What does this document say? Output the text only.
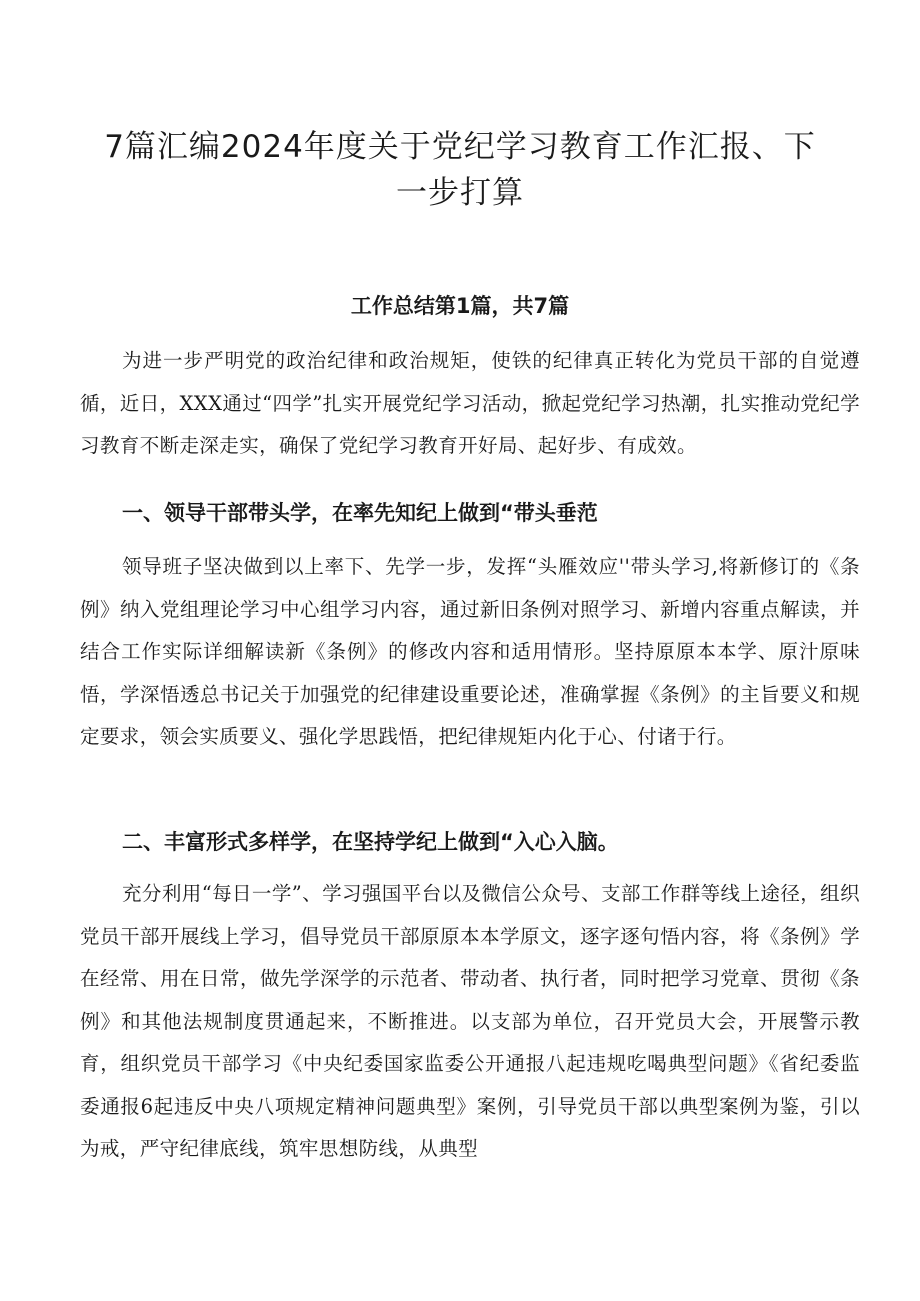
7篇汇编2024年度关于党纪学习教育工作汇报、下一步打算
工作总结第1篇，共7篇

为进一步严明党的政治纪律和政治规矩，使铁的纪律真正转化为党员干部的自觉遵循，近日，XXX通过“四学”扎实开展党纪学习活动，掀起党纪学习热潮，扎实推动党纪学习教育不断走深走实，确保了党纪学习教育开好局、起好步、有成效。

一、领导干部带头学，在率先知纪上做到“带头垂范

领导班子坚决做到以上率下、先学一步，发挥“头雁效应''带头学习,将新修订的《条例》纳入党组理论学习中心组学习内容，通过新旧条例对照学习、新增内容重点解读，并结合工作实际详细解读新《条例》的修改内容和适用情形。坚持原原本本学、原汁原味悟，学深悟透总书记关于加强党的纪律建设重要论述，准确掌握《条例》的主旨要义和规定要求，领会实质要义、强化学思践悟，把纪律规矩内化于心、付诸于行。

二、丰富形式多样学，在坚持学纪上做到“入心入脑。

充分利用“每日一学”、学习强国平台以及微信公众号、支部工作群等线上途径，组织党员干部开展线上学习，倡导党员干部原原本本学原文，逐字逐句悟内容，将《条例》学在经常、用在日常，做先学深学的示范者、带动者、执行者，同时把学习党章、贯彻《条例》和其他法规制度贯通起来，不断推进。以支部为单位，召开党员大会，开展警示教育，组织党员干部学习《中央纪委国家监委公开通报八起违规吃喝典型问题》《省纪委监委通报6起违反中央八项规定精神问题典型》案例，引导党员干部以典型案例为鉴，引以为戒，严守纪律底线，筑牢思想防线，从典型
